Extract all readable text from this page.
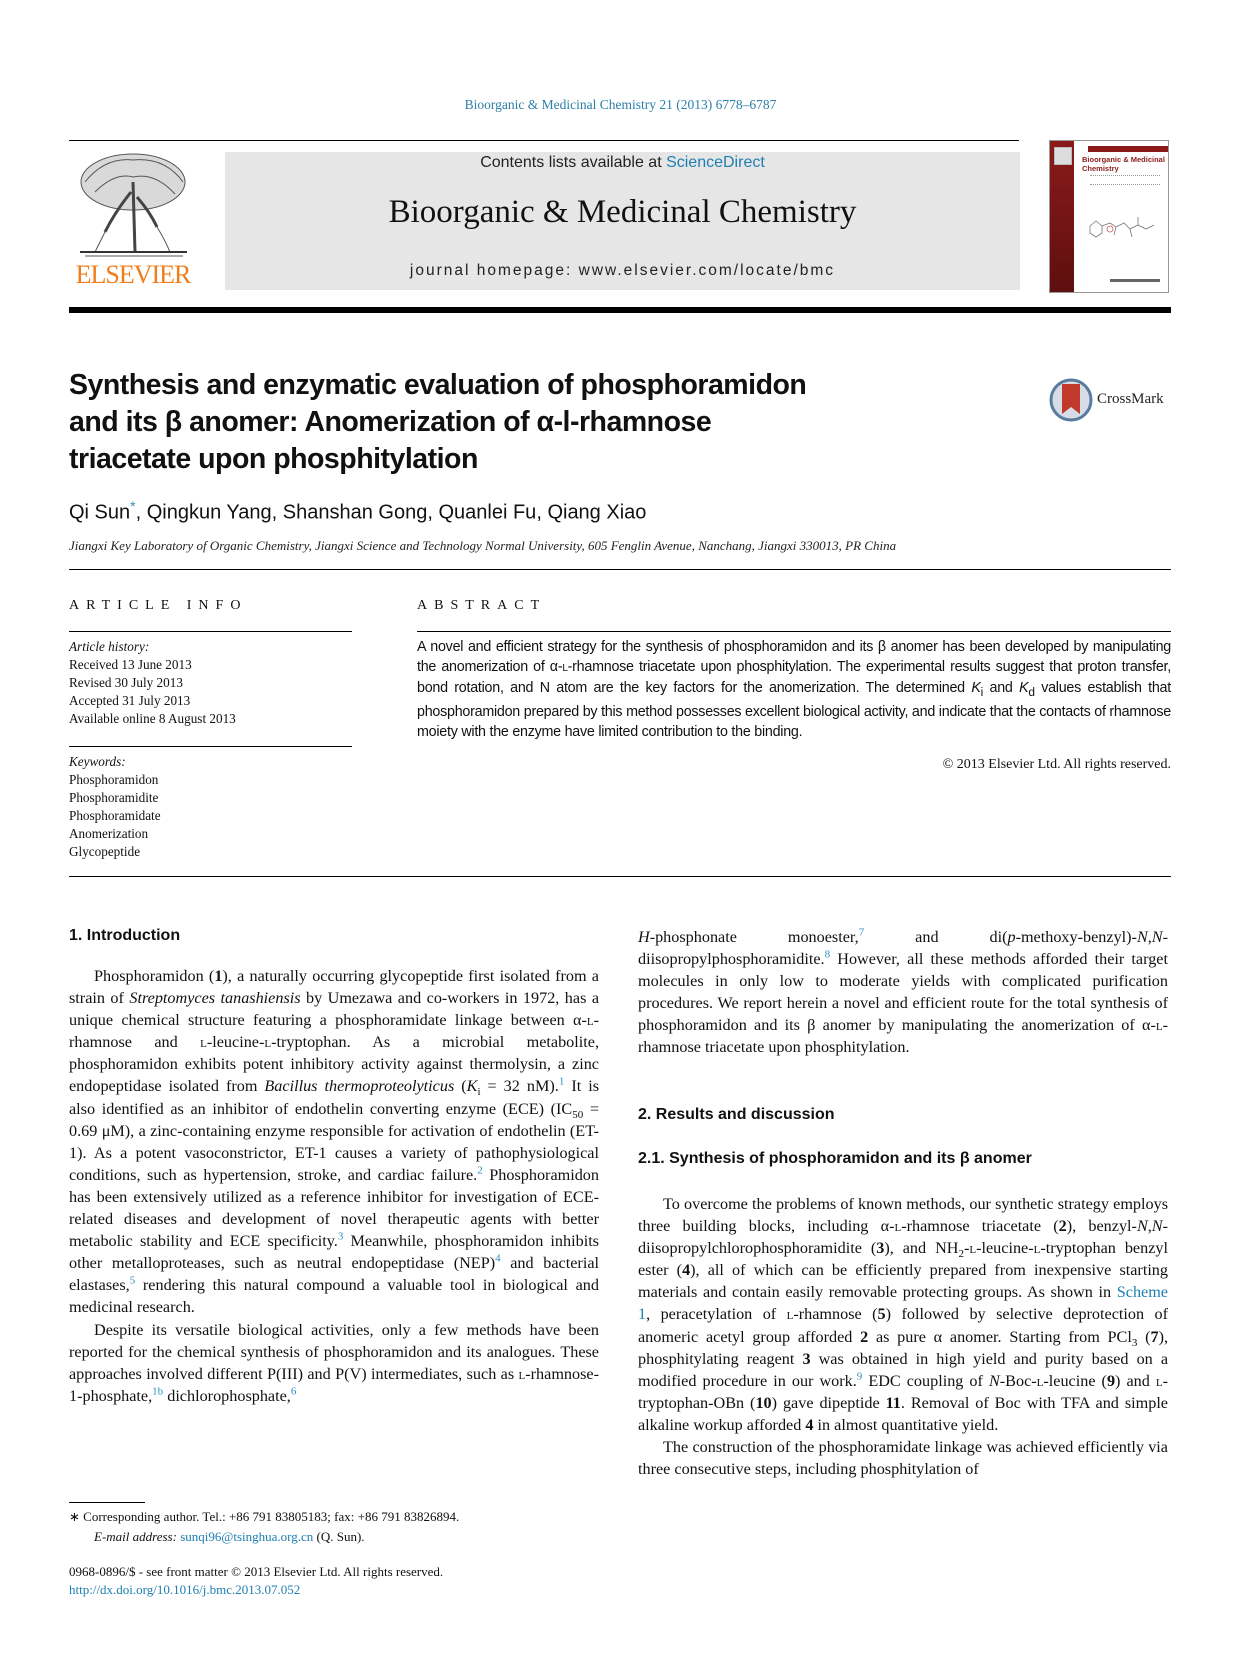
Bioorganic & Medicinal Chemistry 21 (2013) 6778–6787
ELSEVIER
Contents lists available at ScienceDirect
Bioorganic & Medicinal Chemistry
journal homepage: www.elsevier.com/locate/bmc
Bioorganic & Medicinal Chemistry
Synthesis and enzymatic evaluation of phosphoramidon
and its β anomer: Anomerization of α-l-rhamnose
triacetate upon phosphitylation
CrossMark
Qi Sun*, Qingkun Yang, Shanshan Gong, Quanlei Fu, Qiang Xiao
Jiangxi Key Laboratory of Organic Chemistry, Jiangxi Science and Technology Normal University, 605 Fenglin Avenue, Nanchang, Jiangxi 330013, PR China
ARTICLE INFO
Article history:
Received 13 June 2013
Revised 30 July 2013
Accepted 31 July 2013
Available online 8 August 2013
Keywords:
Phosphoramidon
Phosphoramidite
Phosphoramidate
Anomerization
Glycopeptide
ABSTRACT
A novel and efficient strategy for the synthesis of phosphoramidon and its β anomer has been developed by manipulating the anomerization of α-l-rhamnose triacetate upon phosphitylation. The experimental results suggest that proton transfer, bond rotation, and N atom are the key factors for the anomerization. The determined $K_i$ and $K_d$ values establish that phosphoramidon prepared by this method possesses excellent biological activity, and indicate that the contacts of rhamnose moiety with the enzyme have limited contribution to the binding.
© 2013 Elsevier Ltd. All rights reserved.
1. Introduction

Phosphoramidon (1), a naturally occurring glycopeptide first isolated from a strain of Streptomyces tanashiensis by Umezawa and co-workers in 1972, has a unique chemical structure featuring a phosphoramidate linkage between α-l-rhamnose and l-leucine-l-tryptophan. As a microbial metabolite, phosphoramidon exhibits potent inhibitory activity against thermolysin, a zinc endopeptidase isolated from Bacillus thermoproteolyticus ($K_i = 32$ nM).$^1$ It is also identified as an inhibitor of endothelin converting enzyme (ECE) ($IC_{50} = 0.69$ μM), a zinc-containing enzyme responsible for activation of endothelin (ET-1). As a potent vasoconstrictor, ET-1 causes a variety of pathophysiological conditions, such as hypertension, stroke, and cardiac failure.$^2$ Phosphoramidon has been extensively utilized as a reference inhibitor for investigation of ECE-related diseases and development of novel therapeutic agents with better metabolic stability and ECE specificity.$^3$ Meanwhile, phosphoramidon inhibits other metalloproteases, such as neutral endopeptidase (NEP)$^4$ and bacterial elastases,$^5$ rendering this natural compound a valuable tool in biological and medicinal research.

Despite its versatile biological activities, only a few methods have been reported for the chemical synthesis of phosphoramidon and its analogues. These approaches involved different P(III) and P(V) intermediates, such as l-rhamnose-1-phosphate,$^{1b}$ dichlorophosphate,$^6$

H-phosphonate monoester,$^7$ and di(p-methoxy-benzyl)-N,N-diisopropylphosphoramidite.$^8$ However, all these methods afforded their target molecules in only low to moderate yields with complicated purification procedures. We report herein a novel and efficient route for the total synthesis of phosphoramidon and its β anomer by manipulating the anomerization of α-l-rhamnose triacetate upon phosphitylation.

2. Results and discussion
2.1. Synthesis of phosphoramidon and its β anomer

To overcome the problems of known methods, our synthetic strategy employs three building blocks, including α-l-rhamnose triacetate (2), benzyl-N,N-diisopropylchlorophosphoramidite (3), and $NH_2-l-leucine-l$-tryptophan benzyl ester (4), all of which can be efficiently prepared from inexpensive starting materials and contain easily removable protecting groups. As shown in Scheme 1, peracetylation of l-rhamnose (5) followed by selective deprotection of anomeric acetyl group afforded 2 as pure α anomer. Starting from PCl$_3$ (7), phosphitylating reagent 3 was obtained in high yield and purity based on a modified procedure in our work.$^9$ EDC coupling of N-Boc-l-leucine (9) and l-tryptophan-OBn (10) gave dipeptide 11. Removal of Boc with TFA and simple alkaline workup afforded 4 in almost quantitative yield.

The construction of the phosphoramidate linkage was achieved efficiently via three consecutive steps, including phosphitylation of

∗ Corresponding author. Tel.: +86 791 83805183; fax: +86 791 83826894.
E-mail address: sunqi96@tsinghua.org.cn (Q. Sun).
0968-0896/$ - see front matter © 2013 Elsevier Ltd. All rights reserved.
http://dx.doi.org/10.1016/j.bmc.2013.07.052
